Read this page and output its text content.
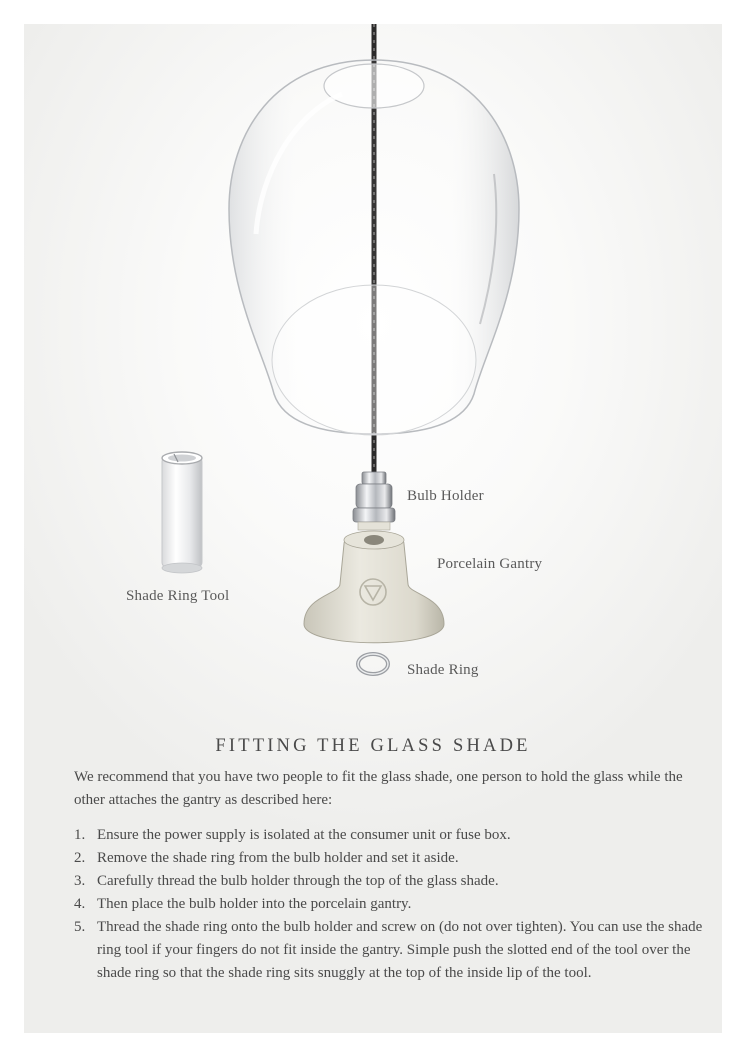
Bulb Holder
Porcelain Gantry
Shade Ring
Shade Ring Tool
FITTING THE GLASS SHADE

We recommend that you have two people to fit the glass shade, one person to hold the glass while the other attaches the gantry as described here:

1. Ensure the power supply is isolated at the consumer unit or fuse box.
2. Remove the shade ring from the bulb holder and set it aside.
3. Carefully thread the bulb holder through the top of the glass shade.
4. Then place the bulb holder into the porcelain gantry.
5. Thread the shade ring onto the bulb holder and screw on (do not over tighten). You can use the shade ring tool if your fingers do not fit inside the gantry. Simple push the slotted end of the tool over the shade ring so that the shade ring sits snuggly at the top of the inside lip of the tool.
